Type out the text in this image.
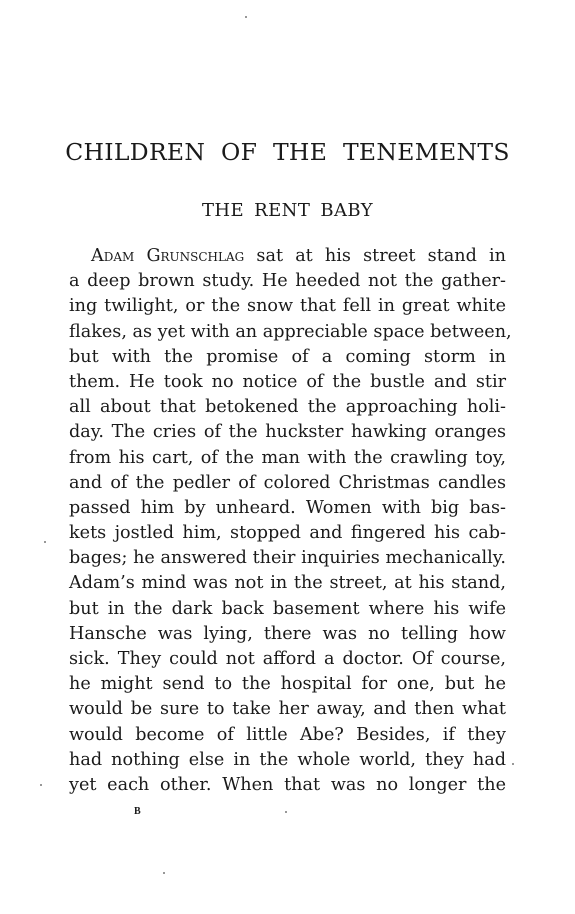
CHILDREN OF THE TENEMENTS
THE RENT BABY
Adam Grunschlag sat at his street stand in
a deep brown study. He heeded not the gather-
ing twilight, or the snow that fell in great white
flakes, as yet with an appreciable space between,
but with the promise of a coming storm in
them. He took no notice of the bustle and stir
all about that betokened the approaching holi-
day. The cries of the huckster hawking oranges
from his cart, of the man with the crawling toy,
and of the pedler of colored Christmas candles
passed him by unheard. Women with big bas-
kets jostled him, stopped and fingered his cab-
bages; he answered their inquiries mechanically.
Adam’s mind was not in the street, at his stand,
but in the dark back basement where his wife
Hansche was lying, there was no telling how
sick. They could not afford a doctor. Of course,
he might send to the hospital for one, but he
would be sure to take her away, and then what
would become of little Abe? Besides, if they
had nothing else in the whole world, they had
yet each other. When that was no longer the
B
